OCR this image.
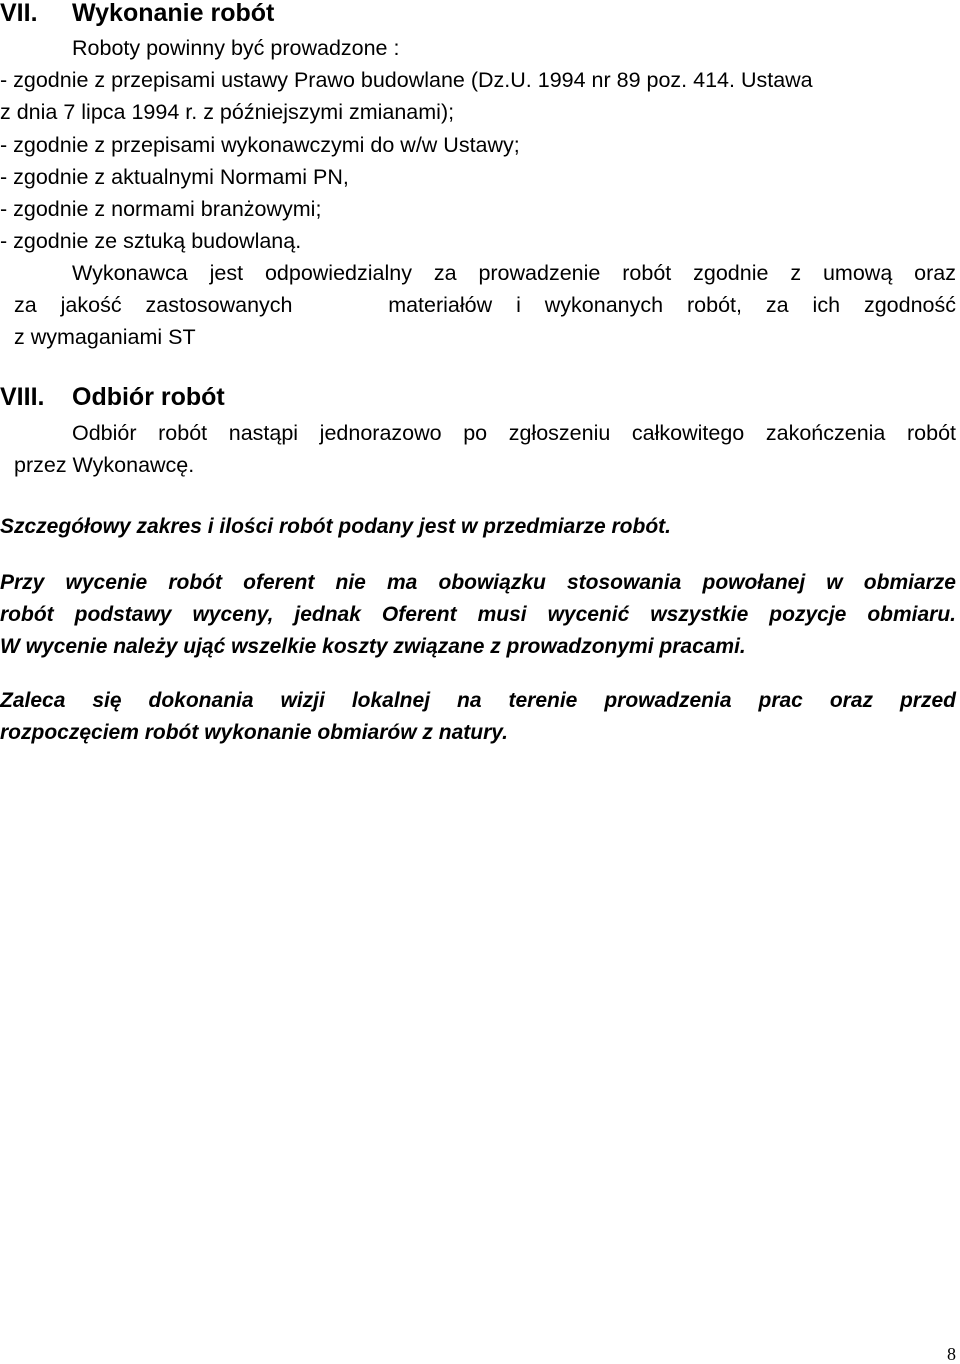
VII. Wykonanie robót
Roboty powinny być prowadzone :
- zgodnie z przepisami ustawy Prawo budowlane (Dz.U. 1994 nr 89 poz. 414. Ustawa
z dnia 7 lipca 1994 r. z późniejszymi zmianami);
- zgodnie z przepisami wykonawczymi do w/w Ustawy;
- zgodnie z aktualnymi Normami PN,
- zgodnie z normami branżowymi;
- zgodnie ze sztuką budowlaną.
Wykonawca jest odpowiedzialny za prowadzenie robót zgodnie z umową oraz
za jakość zastosowanych    materiałów i wykonanych robót, za ich zgodność
z wymaganiami ST
VIII. Odbiór robót
Odbiór robót nastąpi jednorazowo po zgłoszeniu całkowitego zakończenia robót
przez Wykonawcę.
Szczegółowy zakres i ilości robót podany jest w przedmiarze robót.
Przy wycenie robót oferent nie ma obowiązku stosowania powołanej w obmiarze
robót podstawy wyceny, jednak Oferent musi wycenić wszystkie pozycje obmiaru.
W wycenie należy ująć wszelkie koszty związane z prowadzonymi pracami.
Zaleca się dokonania wizji lokalnej na terenie prowadzenia prac oraz przed
rozpoczęciem robót wykonanie obmiarów z natury.
8
